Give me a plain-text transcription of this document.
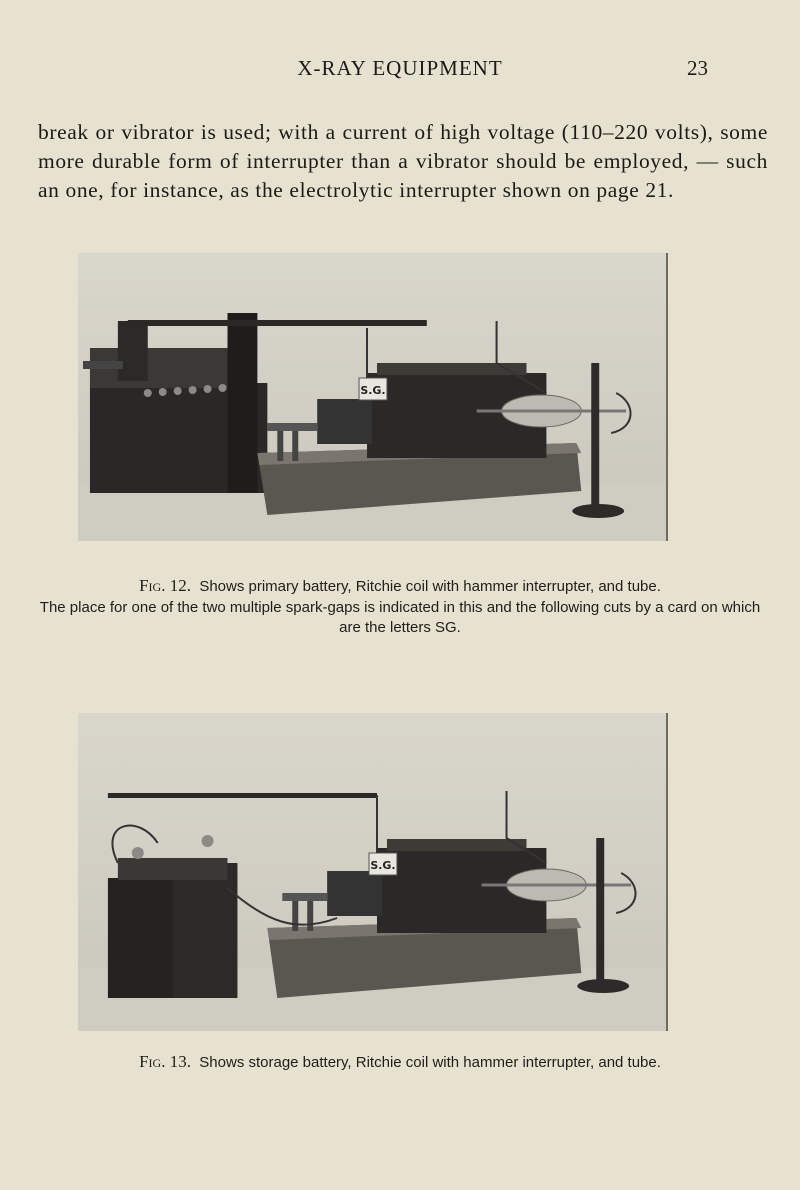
X-RAY EQUIPMENT	23

break or vibrator is used; with a current of high voltage (110–220 volts), some more durable form of interrupter than a vibrator should be employed, — such an one, for instance, as the electrolytic interrupter shown on page 21.

S.G.
Fig. 12. Shows primary battery, Ritchie coil with hammer interrupter, and tube.
The place for one of the two multiple spark-gaps is indicated in this and the following cuts by a card on which are the letters SG.
S.G.
Fig. 13. Shows storage battery, Ritchie coil with hammer interrupter, and tube.
